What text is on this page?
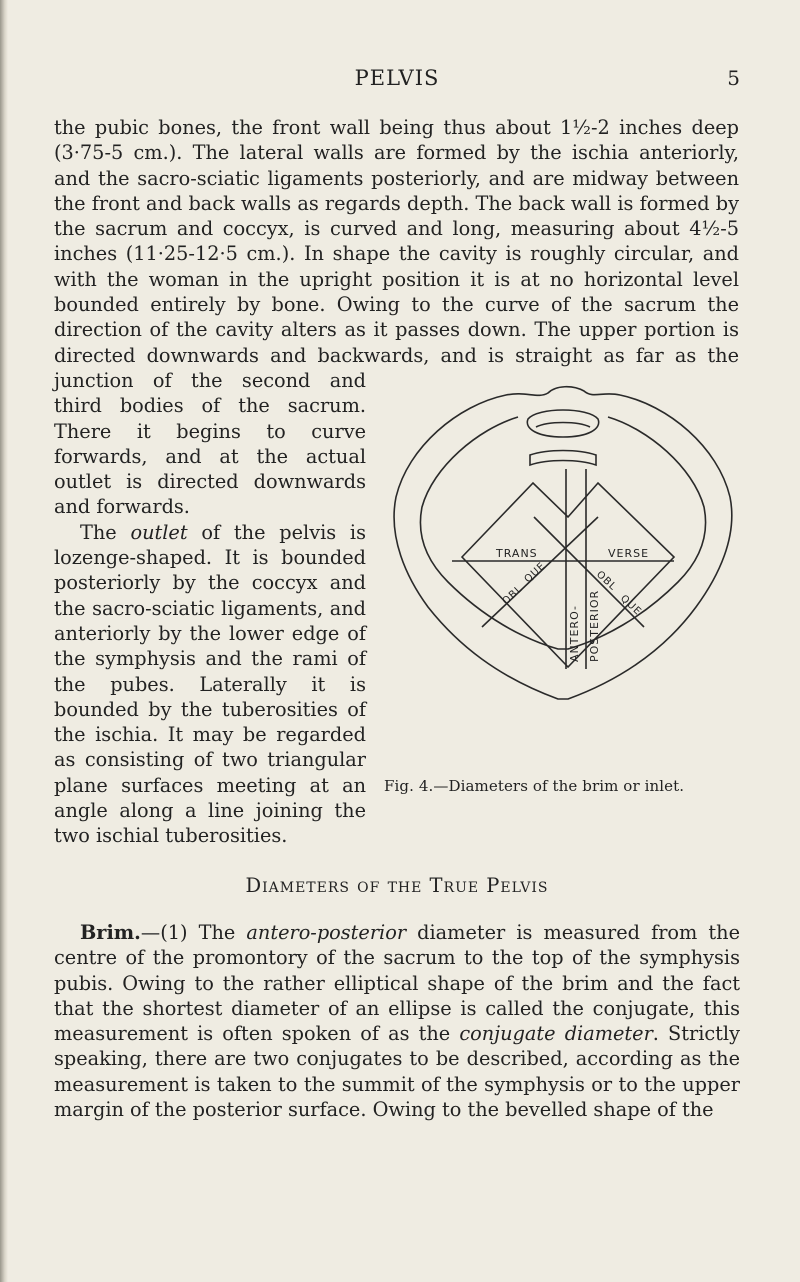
PELVIS	5
TRANS	VERSE
ANTERO- POSTERIOR
OBL
QUE	OBL
QUE
Fig. 4.—Diameters of the brim or inlet.

the pubic bones, the front wall being thus about 1½-2 inches deep (3·75-5 cm.). The lateral walls are formed by the ischia anteriorly, and the sacro-sciatic ligaments posteriorly, and are midway between the front and back walls as regards depth. The back wall is formed by the sacrum and coccyx, is curved and long, measuring about 4½-5 inches (11·25-12·5 cm.). In shape the cavity is roughly circular, and with the woman in the upright position it is at no horizontal level bounded entirely by bone. Owing to the curve of the sacrum the direction of the cavity alters as it passes down. The upper portion is directed downwards and backwards, and is straight as far as the junction of the second and third bodies of the sacrum. There it begins to curve forwards, and at the actual outlet is directed downwards and forwards.

The outlet of the pelvis is lozenge-shaped. It is bounded posteriorly by the coccyx and the sacro-sciatic ligaments, and anteriorly by the lower edge of the symphysis and the rami of the pubes. Laterally it is bounded by the tuberosities of the ischia. It may be regarded as consisting of two triangular plane surfaces meeting at an angle along a line joining the two ischial tuberosities.

Diameters of the True Pelvis

Brim.—(1) The antero-posterior diameter is measured from the centre of the promontory of the sacrum to the top of the symphysis pubis. Owing to the rather elliptical shape of the brim and the fact that the shortest diameter of an ellipse is called the conjugate, this measurement is often spoken of as the conjugate diameter. Strictly speaking, there are two conjugates to be described, according as the measurement is taken to the summit of the symphysis or to the upper margin of the posterior surface. Owing to the bevelled shape of the
